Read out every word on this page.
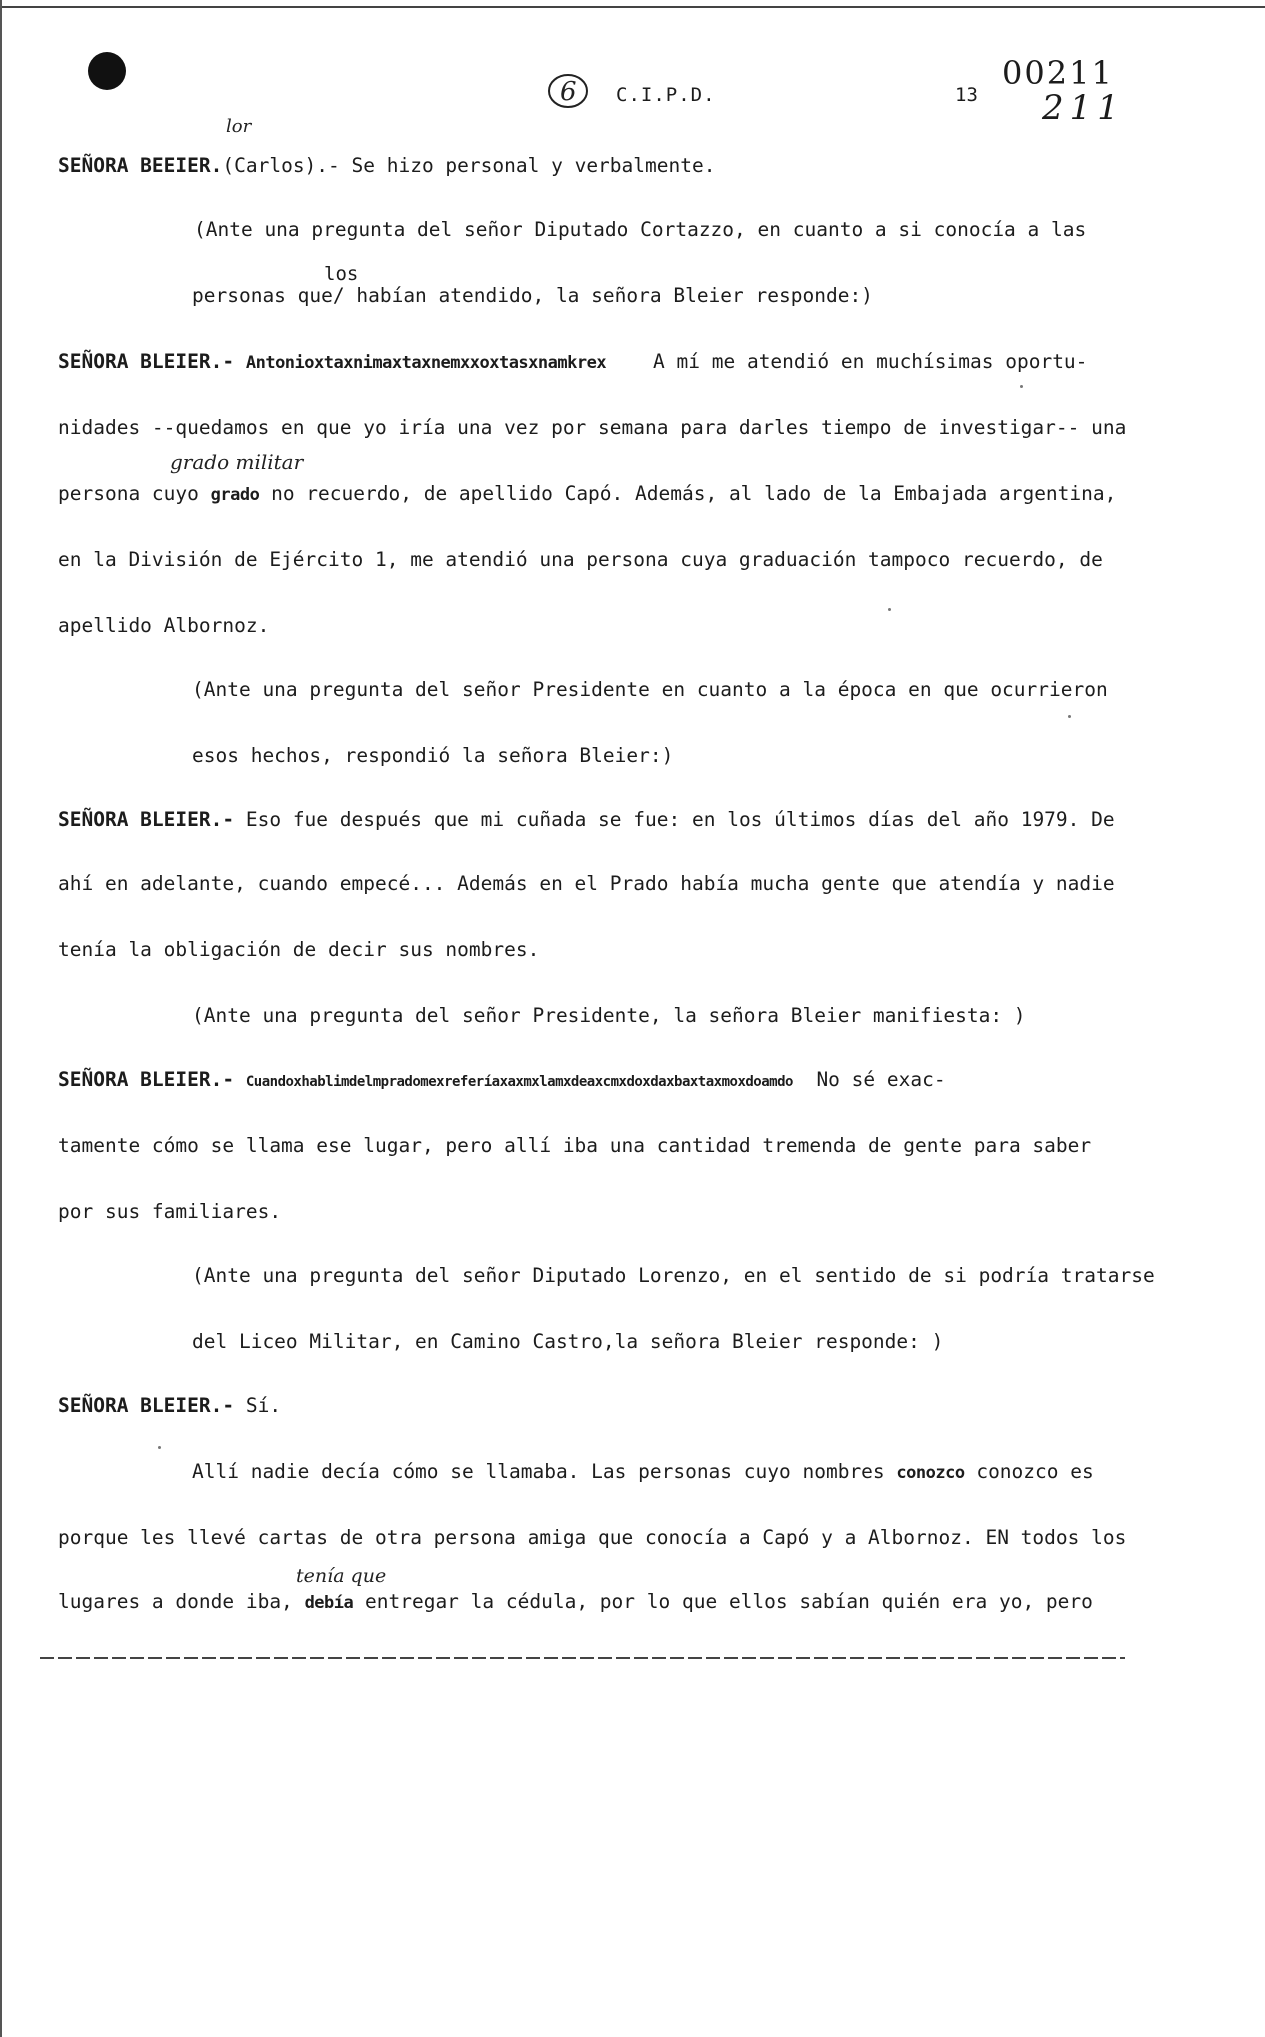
6 C.I.P.D.	13
00211
211
lor
los
grado militar
tenía que
SEÑORA BEEIER.(Carlos).- Se hizo personal y verbalmente.
(Ante una pregunta del señor Diputado Cortazzo, en cuanto a si conocía a las
personas que/ habían atendido, la señora Bleier responde:)
SEÑORA BLEIER.- Antonioxtaxnimaxtaxnemxxoxtasxnamkrex A mí me atendió en muchísimas oportu-
nidades --quedamos en que yo iría una vez por semana para darles tiempo de investigar-- una
persona cuyo grado no recuerdo, de apellido Capó. Además, al lado de la Embajada argentina,
en la División de Ejército 1, me atendió una persona cuya graduación tampoco recuerdo, de
apellido Albornoz.
(Ante una pregunta del señor Presidente en cuanto a la época en que ocurrieron
esos hechos, respondió la señora Bleier:)
SEÑORA BLEIER.- Eso fue después que mi cuñada se fue: en los últimos días del año 1979. De
ahí en adelante, cuando empecé... Además en el Prado había mucha gente que atendía y nadie
tenía la obligación de decir sus nombres.
(Ante una pregunta del señor Presidente, la señora Bleier manifiesta: )
SEÑORA BLEIER.- Cuandoxhablimdelmpradomexreferíaxaxmxlamxdeaxcmxdoxdaxbaxtaxmoxdoamdo No sé exac-
tamente cómo se llama ese lugar, pero allí iba una cantidad tremenda de gente para saber
por sus familiares.
(Ante una pregunta del señor Diputado Lorenzo, en el sentido de si podría tratarse
del Liceo Militar, en Camino Castro,la señora Bleier responde: )
SEÑORA BLEIER.- Sí.
Allí nadie decía cómo se llamaba. Las personas cuyo nombres conozco conozco es
porque les llevé cartas de otra persona amiga que conocía a Capó y a Albornoz. EN todos los
lugares a donde iba, debía entregar la cédula, por lo que ellos sabían quién era yo, pero
